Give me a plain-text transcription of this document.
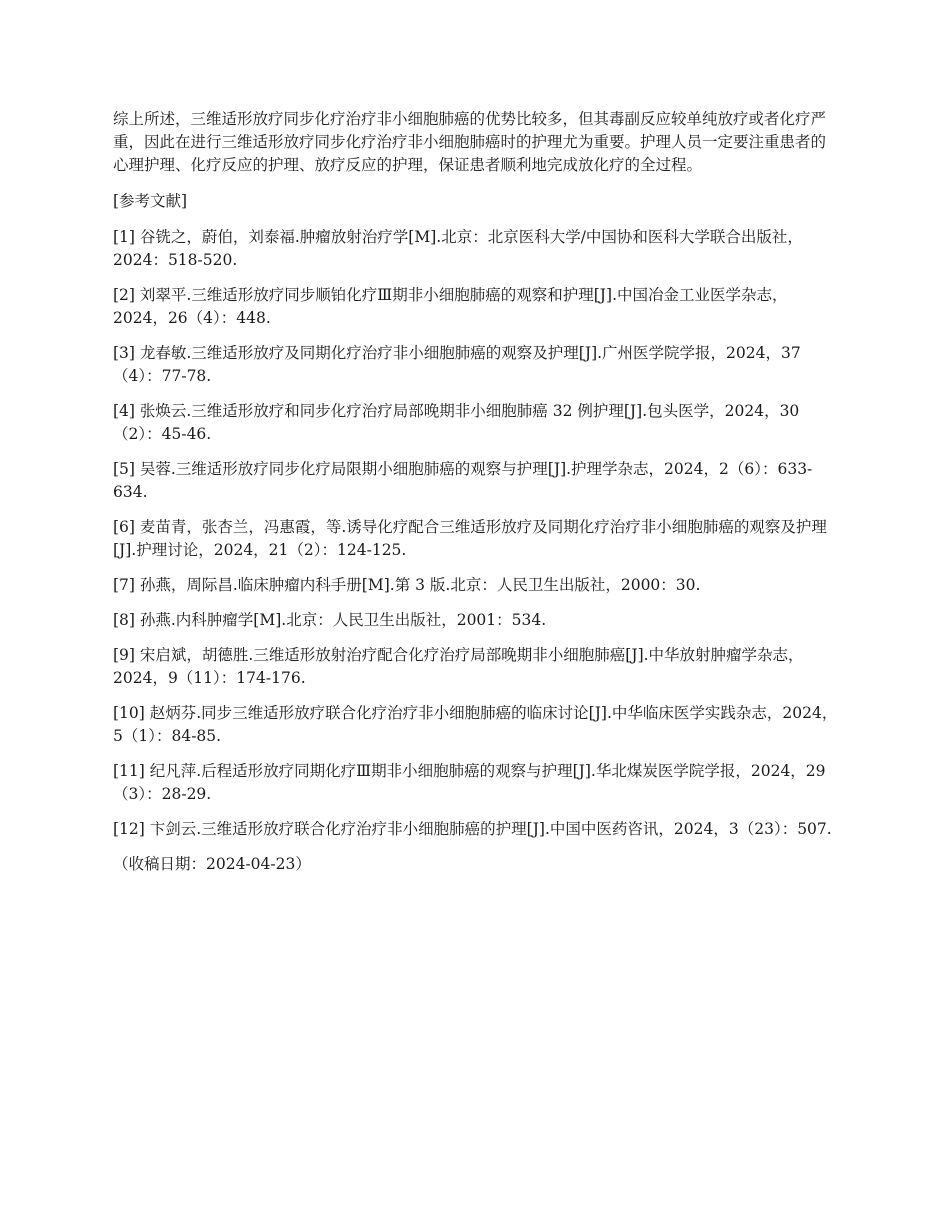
综上所述，三维适形放疗同步化疗治疗非小细胞肺癌的优势比较多，但其毒副反应较单纯放疗或者化疗严重，因此在进行三维适形放疗同步化疗治疗非小细胞肺癌时的护理尤为重要。护理人员一定要注重患者的心理护理、化疗反应的护理、放疗反应的护理，保证患者顺利地完成放化疗的全过程。

[参考文献]

[1] 谷铣之，蔚伯，刘泰福.肿瘤放射治疗学[M].北京：北京医科大学/中国协和医科大学联合出版社，2024：518-520.

[2] 刘翠平.三维适形放疗同步顺铂化疗Ⅲ期非小细胞肺癌的观察和护理[J].中国冶金工业医学杂志，2024，26（4）：448.

[3] 龙春敏.三维适形放疗及同期化疗治疗非小细胞肺癌的观察及护理[J].广州医学院学报，2024，37（4）：77-78.

[4] 张焕云.三维适形放疗和同步化疗治疗局部晚期非小细胞肺癌 32 例护理[J].包头医学，2024，30（2）：45-46.

[5] 吴蓉.三维适形放疗同步化疗局限期小细胞肺癌的观察与护理[J].护理学杂志，2024，2（6）：633-634.

[6] 麦苗青，张杏兰，冯惠霞，等.诱导化疗配合三维适形放疗及同期化疗治疗非小细胞肺癌的观察及护理[J].护理讨论，2024，21（2）：124-125.

[7] 孙燕，周际昌.临床肿瘤内科手册[M].第 3 版.北京：人民卫生出版社，2000：30.

[8] 孙燕.内科肿瘤学[M].北京：人民卫生出版社，2001：534.

[9] 宋启斌，胡德胜.三维适形放射治疗配合化疗治疗局部晚期非小细胞肺癌[J].中华放射肿瘤学杂志，2024，9（11）：174-176.

[10] 赵炳芬.同步三维适形放疗联合化疗治疗非小细胞肺癌的临床讨论[J].中华临床医学实践杂志，2024，5（1）：84-85.

[11] 纪凡萍.后程适形放疗同期化疗Ⅲ期非小细胞肺癌的观察与护理[J].华北煤炭医学院学报，2024，29（3）：28-29.

[12] 卞剑云.三维适形放疗联合化疗治疗非小细胞肺癌的护理[J].中国中医药咨讯，2024，3（23）：507.

（收稿日期：2024-04-23）
